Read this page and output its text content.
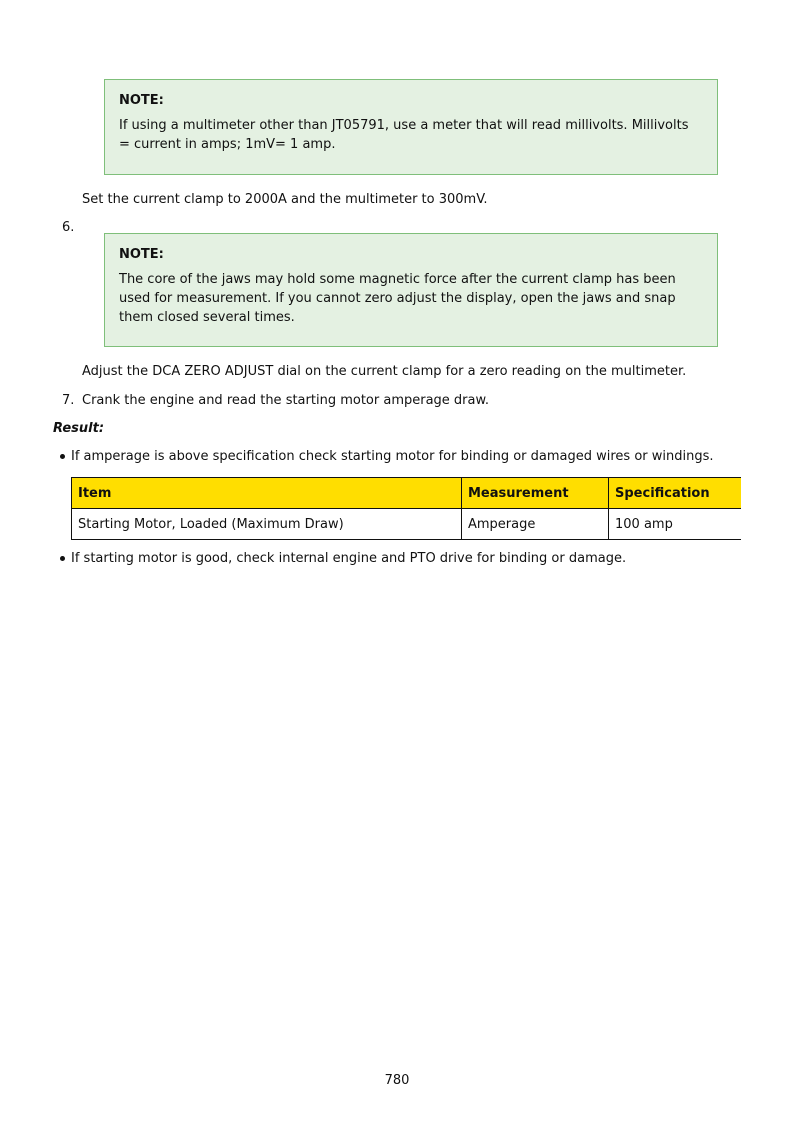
NOTE:

If using a multimeter other than JT05791, use a meter that will read millivolts. Millivolts = current in amps; 1mV= 1 amp.

Set the current clamp to 2000A and the multimeter to 300mV.
6.

NOTE:

The core of the jaws may hold some magnetic force after the current clamp has been used for measurement. If you cannot zero adjust the display, open the jaws and snap them closed several times.

Adjust the DCA ZERO ADJUST dial on the current clamp for a zero reading on the multimeter.
7. Crank the engine and read the starting motor amperage draw.
Result:
If amperage is above specification check starting motor for binding or damaged wires or windings.
Item	Measurement	Specification
Starting Motor, Loaded (Maximum Draw)	Amperage	100 amp
If starting motor is good, check internal engine and PTO drive for binding or damage.
780
